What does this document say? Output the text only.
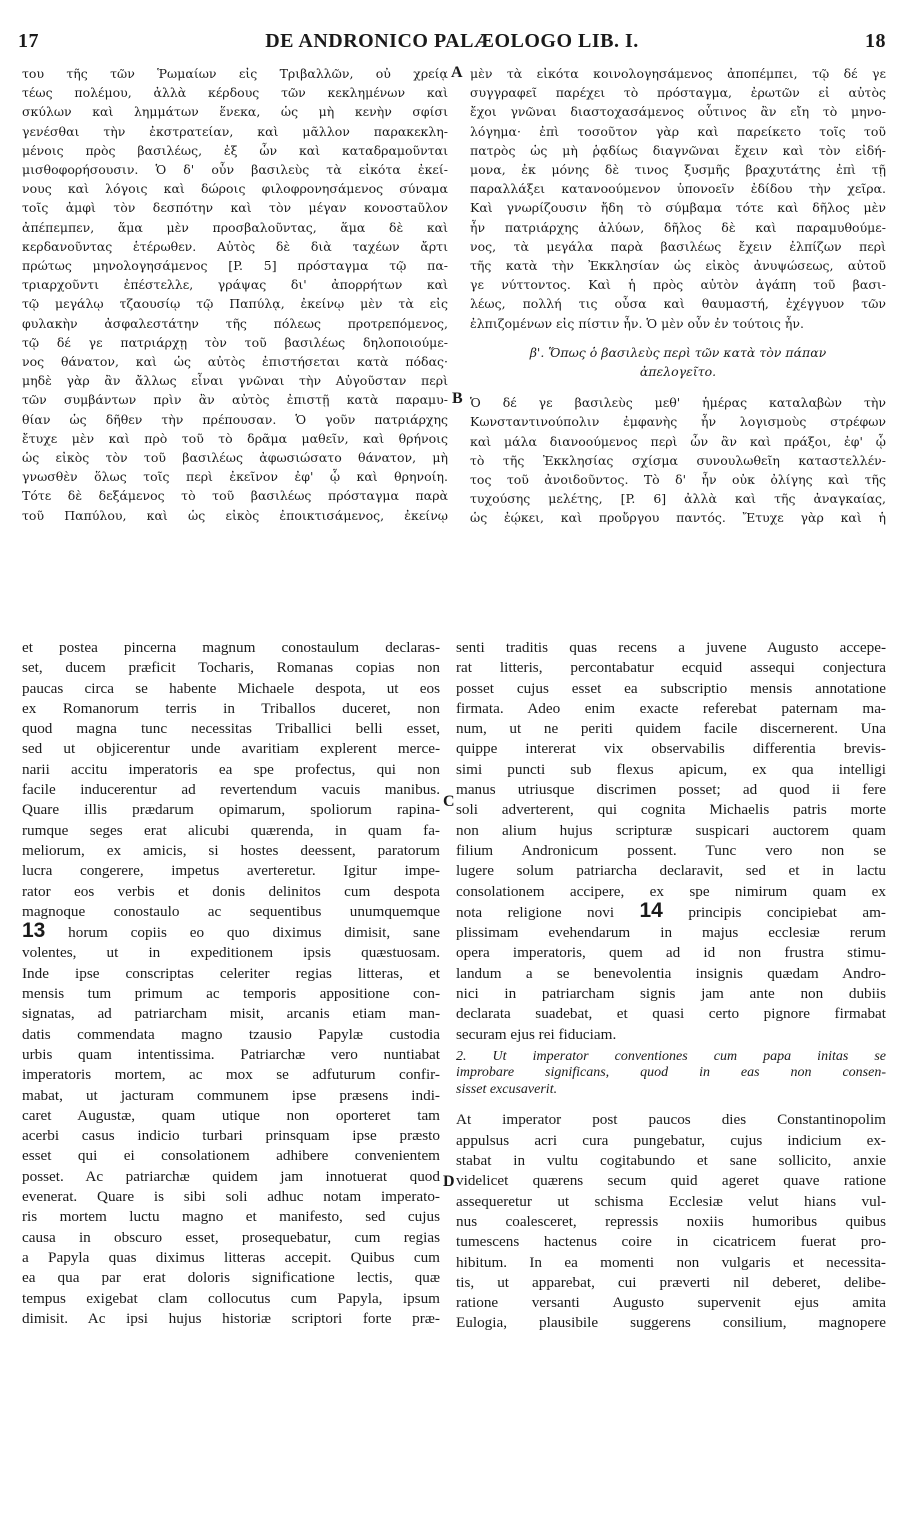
17	DE ANDRONICO PALÆOLOGO LIB. I.	18
A
B
C
D
του τῆς τῶν Ῥωμαίων εἰς Τριβαλλῶν, οὐ χρείᾳ
τέως πολέμου, ἀλλὰ κέρδους τῶν κεκλημένων καὶ
σκύλων καὶ λημμάτων ἕνεκα, ὡς μὴ κενὴν σφίσι
γενέσθαι τὴν ἐκστρατείαν, καὶ μᾶλλον παρακεκλη-
μένοις πρὸς βασιλέως, ἐξ ὧν καὶ καταδραμοῦνται
μισθοφορήσουσιν. Ὁ δ' οὖν βασιλεὺς τὰ εἰκότα ἐκεί-
νους καὶ λόγοις καὶ δώροις φιλοφρονησάμενος σύναμα
τοῖς ἀμφὶ τὸν δεσπότην καὶ τὸν μέγαν κονοστaῦλον
ἀπέπεμπεν, ἅμα μὲν προσβαλοῦντας, ἅμα δὲ καὶ
κερδανοῦντας ἑτέρωθεν. Αὐτὸς δὲ διὰ ταχέων ἄρτι
πρώτως μηνολογησάμενος [P. 5] πρόσταγμα τῷ πα-
τριαρχοῦντι ἐπέστελλε, γράψας δι' ἀπορρήτων καὶ
τῷ μεγάλῳ τζαουσίῳ τῷ Παπύλᾳ, ἐκείνῳ μὲν τὰ εἰς
φυλακὴν ἀσφαλεστάτην τῆς πόλεως προτρεπόμενος,
τῷ δέ γε πατριάρχῃ τὸν τοῦ βασιλέως δηλοποιούμε-
νος θάνατον, καὶ ὡς αὐτὸς ἐπιστήσεται κατὰ πόδας·
μηδὲ γὰρ ἂν ἄλλως εἶναι γνῶναι τὴν Αὐγοῦσταν περὶ
τῶν συμβάντων πρὶν ἂν αὐτὸς ἐπιστῇ κατὰ παραμυ-
θίαν ὡς δῆθεν τὴν πρέπουσαν. Ὁ γοῦν πατριάρχης
ἔτυχε μὲν καὶ πρὸ τοῦ τὸ δρᾶμα μαθεῖν, καὶ θρήνοις
ὡς εἰκὸς τὸν τοῦ βασιλέως ἀφωσιώσατο θάνατον, μὴ
γνωσθὲν ὅλως τοῖς περὶ ἐκεῖνον ἐφ' ᾧ καὶ θρηνοίη.
Τότε δὲ δεξάμενος τὸ τοῦ βασιλέως πρόσταγμα παρὰ
τοῦ Παπύλου, καὶ ὡς εἰκὸς ἐποικτισάμενος, ἐκείνῳ
μὲν τὰ εἰκότα κοινολογησάμενος ἀποπέμπει, τῷ δέ γε
συγγραφεῖ παρέχει τὸ πρόσταγμα, ἐρωτῶν εἰ αὐτὸς
ἔχοι γνῶναι διαστοχασάμενος οὗτινος ἂν εἴη τὸ μηνο-
λόγημα· ἐπὶ τοσοῦτον γὰρ καὶ παρείκετο τοῖς τοῦ
πατρὸς ὡς μὴ ῥᾳδίως διαγνῶναι ἔχειν καὶ τὸν εἰδή-
μονα, ἐκ μόνης δὲ τινος ξυσμῆς βραχυτάτης ἐπὶ τῇ
παραλλάξει κατανοούμενον ὑπονοεῖν ἐδίδου τὴν χεῖρα.
Καὶ γνωρίζουσιν ἤδη τὸ σύμβαμα τότε καὶ δῆλος μὲν
ἦν πατριάρχης ἀλύων, δῆλος δὲ καὶ παραμυθούμε-
νος, τὰ μεγάλα παρὰ βασιλέως ἔχειν ἐλπίζων περὶ
τῆς κατὰ τὴν Ἐκκλησίαν ὡς εἰκὸς ἀνυψώσεως, αὐτοῦ
γε νύττοντος. Καὶ ἡ πρὸς αὐτὸν ἀγάπη τοῦ βασι-
λέως, πολλή τις οὖσα καὶ θαυμαστή, ἐχέγγυον τῶν
ἐλπιζομένων εἰς πίστιν ἦν. Ὁ μὲν οὖν ἐν τούτοις ἦν.
β'. Ὅπως ὁ βασιλεὺς περὶ τῶν κατὰ τὸν πάπαν
ἀπελογεῖτο.
Ὁ δέ γε βασιλεὺς μεθ' ἡμέρας καταλαβὼν τὴν
Κωνσταντινούπολιν ἐμφανὴς ἦν λογισμοὺς στρέφων
καὶ μάλα διανοούμενος περὶ ὧν ἂν καὶ πράξοι, ἐφ' ᾧ
τὸ τῆς Ἐκκλησίας σχίσμα συνουλωθεῖη καταστελλέν-
τος τοῦ ἀνοιδοῦντος. Τὸ δ' ἦν οὐκ ὀλίγης καὶ τῆς
τυχούσης μελέτης, [P. 6] ἀλλὰ καὶ τῆς ἀναγκαίας,
ὡς ἐῴκει, καὶ προὔργου παντός. Ἔτυχε γὰρ καὶ ἡ
et postea pincerna magnum conostaulum declaras-
set, ducem præficit Tocharis, Romanas copias non
paucas circa se habente Michaele despota, ut eos
ex Romanorum terris in Triballos duceret, non
quod magna tunc necessitas Triballici belli esset,
sed ut objicerentur unde avaritiam explerent merce-
narii accitu imperatoris ea spe profectus, qui non
facile inducerentur ad revertendum vacuis manibus.
Quare illis prædarum opimarum, spoliorum rapina-
rumque seges erat alicubi quærenda, in quam fa-
meliorum, ex amicis, si hostes deessent, paratorum
lucra congerere, impetus averteretur. Igitur impe-
rator eos verbis et donis delinitos cum despota
magnoque conostaulo ac sequentibus unumquemque
13 horum copiis eo quo diximus dimisit, sane
volentes, ut in expeditionem ipsis quæstuosam.
Inde ipse conscriptas celeriter regias litteras, et
mensis tum primum ac temporis appositione con-
signatas, ad patriarcham misit, arcanis etiam man-
datis commendata magno tzausio Papylæ custodia
urbis quam intentissima. Patriarchæ vero nuntiabat
imperatoris mortem, ac mox se adfuturum confir-
mabat, ut jacturam communem ipse præsens indi-
caret Augustæ, quam utique non oporteret tam
acerbi casus indicio turbari prinsquam ipse præsto
esset qui ei consolationem adhibere convenientem
posset. Ac patriarchæ quidem jam innotuerat quod
evenerat. Quare is sibi soli adhuc notam imperato-
ris mortem luctu magno et manifesto, sed cujus
causa in obscuro esset, prosequebatur, cum regias
a Papyla quas diximus litteras accepit. Quibus cum
ea qua par erat doloris significatione lectis, quæ
tempus exigebat clam collocutus cum Papyla, ipsum
dimisit. Ac ipsi hujus historiæ scriptori forte præ-
senti traditis quas recens a juvene Augusto accepe-
rat litteris, percontabatur ecquid assequi conjectura
posset cujus esset ea subscriptio mensis annotatione
firmata. Adeo enim exacte referebat paternam ma-
num, ut ne periti quidem facile discernerent. Una
quippe intererat vix observabilis differentia brevis-
simi puncti sub flexus apicum, ex qua intelligi
manus utriusque discrimen posset; ad quod ii fere
soli adverterent, qui cognita Michaelis patris morte
non alium hujus scripturæ suspicari auctorem quam
filium Andronicum possent. Tunc vero non se
lugere solum patriarcha declaravit, sed et in lactu
consolationem accipere, ex spe nimirum quam ex
nota religione novi 14 principis concipiebat am-
plissimam evehendarum in majus ecclesiæ rerum
opera imperatoris, quem ad id non frustra stimu-
landum a se benevolentia insignis quædam Andro-
nici in patriarcham signis jam ante non dubiis
declarata suadebat, et quasi certo pignore firmabat
securam ejus rei fiduciam.
2. Ut imperator conventiones cum papa initas se
improbare significans, quod in eas non consen-
sisset excusaverit.
At imperator post paucos dies Constantinopolim
appulsus acri cura pungebatur, cujus indicium ex-
stabat in vultu cogitabundo et sane sollicito, anxie
videlicet quærens secum quid ageret quave ratione
assequeretur ut schisma Ecclesiæ velut hians vul-
nus coalesceret, repressis noxiis humoribus quibus
tumescens hactenus coire in cicatricem fuerat pro-
hibitum. In ea momenti non vulgaris et necessita-
tis, ut apparebat, cui præverti nil deberet, delibe-
ratione versanti Augusto supervenit ejus amita
Eulogia, plausibile suggerens consilium, magnopere
